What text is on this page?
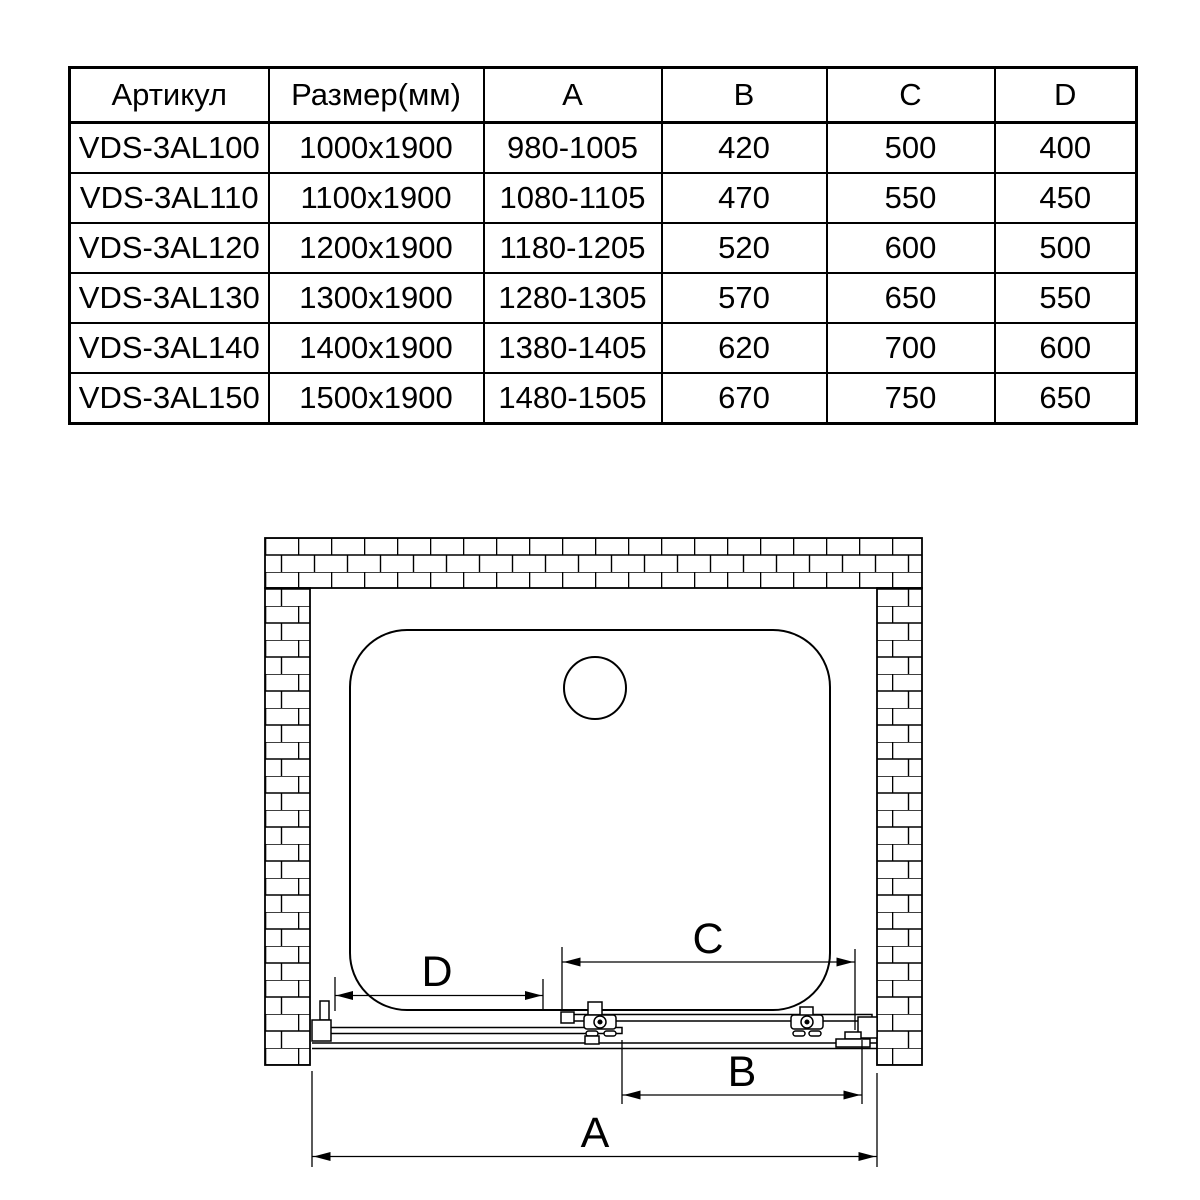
Артикул	Размер(мм)	A	B	C	D
VDS-3AL100	1000x1900	980-1005	420	500	400
VDS-3AL110	1100x1900	1080-1105	470	550	450
VDS-3AL120	1200x1900	1180-1205	520	600	500
VDS-3AL130	1300x1900	1280-1305	570	650	550
VDS-3AL140	1400x1900	1380-1405	620	700	600
VDS-3AL150	1500x1900	1480-1505	670	750	650
D
C
B
A
